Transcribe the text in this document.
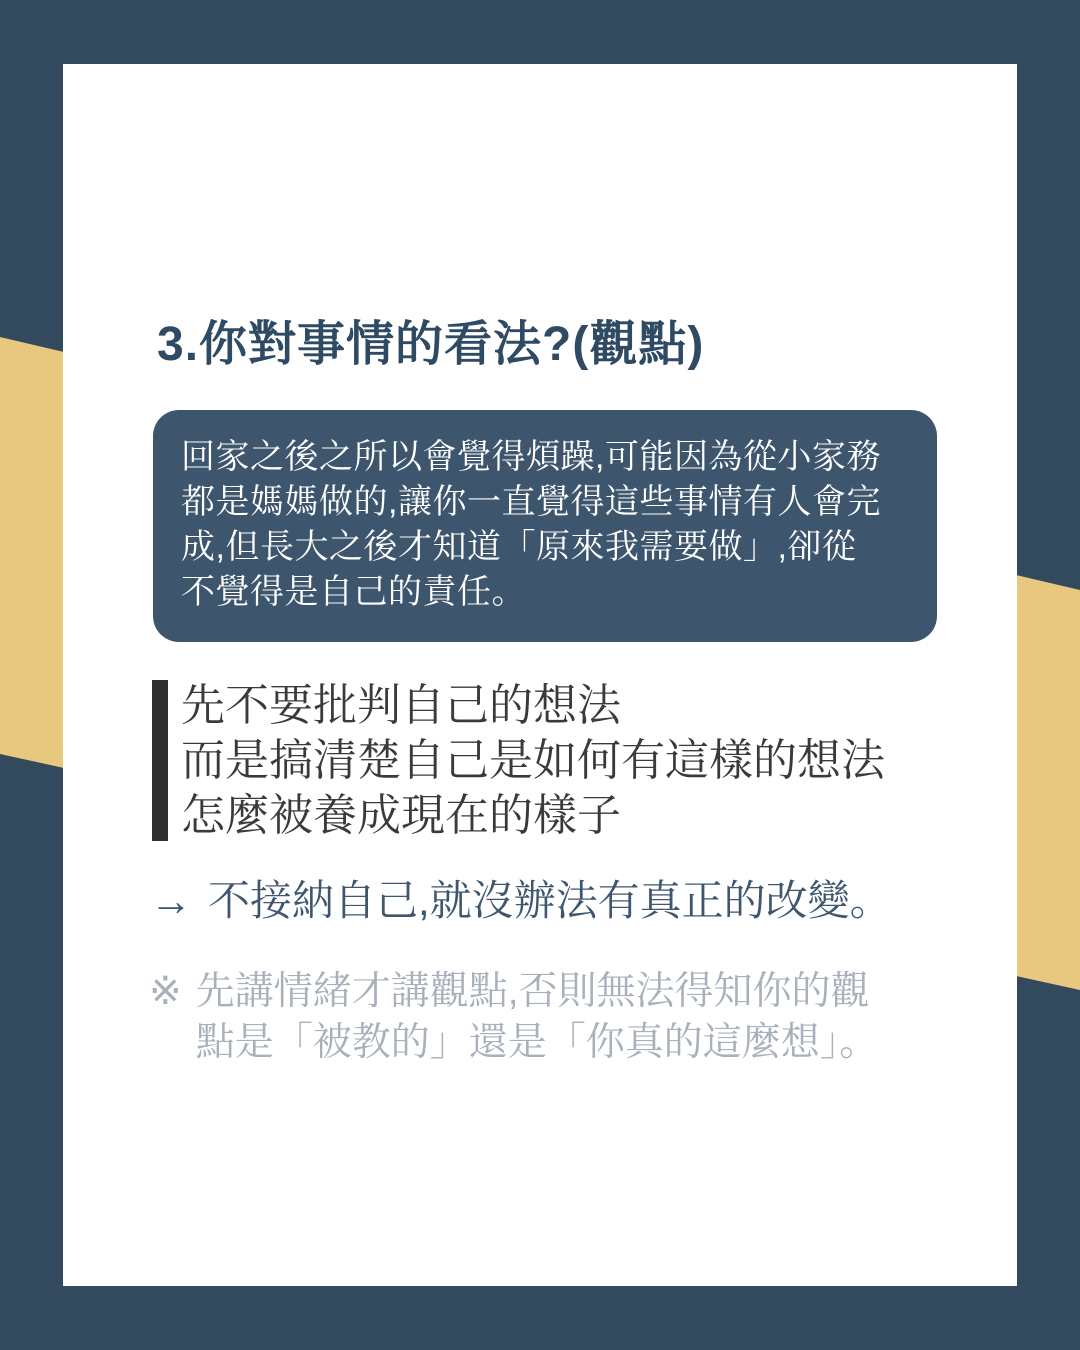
3.你對事情的看法?(觀點)
回家之後之所以會覺得煩躁,可能因為從小家務
都是媽媽做的,讓你一直覺得這些事情有人會完
成,但長大之後才知道「原來我需要做」,卻從
不覺得是自己的責任。
先不要批判自己的想法
而是搞清楚自己是如何有這樣的想法
怎麼被養成現在的樣子
→ 不接納自己,就沒辦法有真正的改變。
※ 先講情緒才講觀點,否則無法得知你的觀
點是「被教的」還是「你真的這麼想」。
